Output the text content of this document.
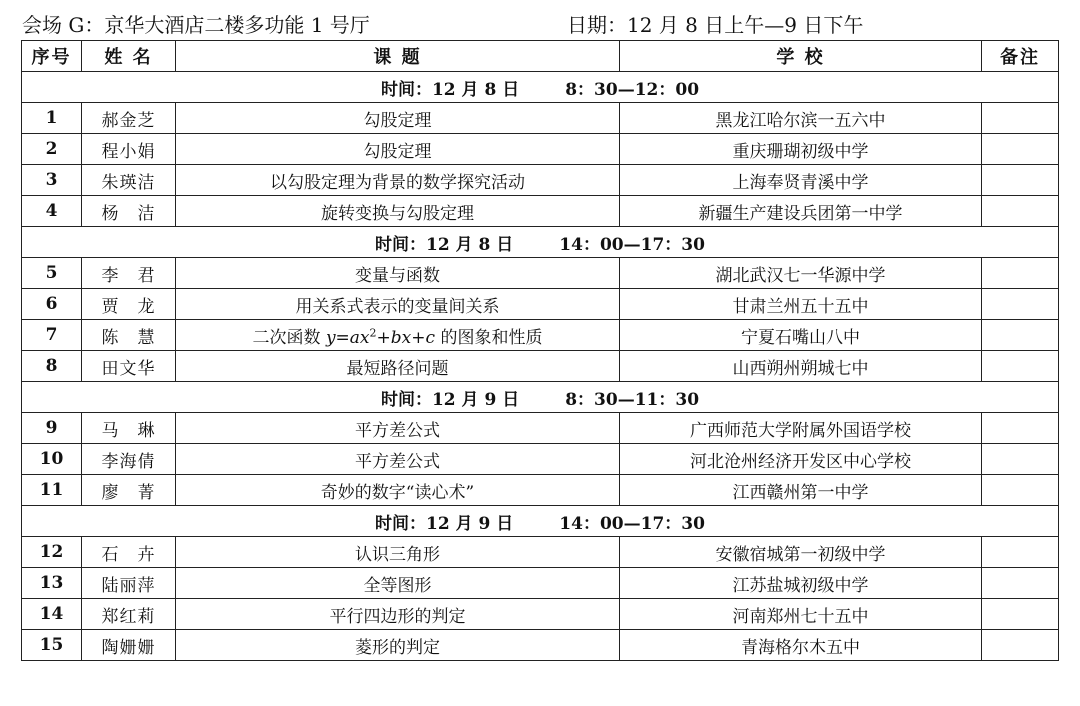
会场 G：京华大酒店二楼多功能 1 号厅	日期：12 月 8 日上午—9 日下午
序号	姓 名	课 题	学 校	备注
时间：12 月 8 日 8：30—12：00				
1	郝金芝	勾股定理	黑龙江哈尔滨一五六中	
2	程小娟	勾股定理	重庆珊瑚初级中学	
3	朱瑛洁	以勾股定理为背景的数学探究活动	上海奉贤青溪中学	
4	杨　洁	旋转变换与勾股定理	新疆生产建设兵团第一中学	
时间：12 月 8 日 14：00—17：30				
5	李　君	变量与函数	湖北武汉七一华源中学	
6	贾　龙	用关系式表示的变量间关系	甘肃兰州五十五中	
7	陈　慧	二次函数 $y=ax^2+bx+c$ 的图象和性质	宁夏石嘴山八中	
8	田文华	最短路径问题	山西朔州朔城七中	
时间：12 月 9 日 8：30—11：30				
9	马　琳	平方差公式	广西师范大学附属外国语学校	
10	李海倩	平方差公式	河北沧州经济开发区中心学校	
11	廖　菁	奇妙的数字“读心术”	江西赣州第一中学	
时间：12 月 9 日 14：00—17：30				
12	石　卉	认识三角形	安徽宿城第一初级中学	
13	陆丽萍	全等图形	江苏盐城初级中学	
14	郑红莉	平行四边形的判定	河南郑州七十五中	
15	陶姗姗	菱形的判定	青海格尔木五中	
